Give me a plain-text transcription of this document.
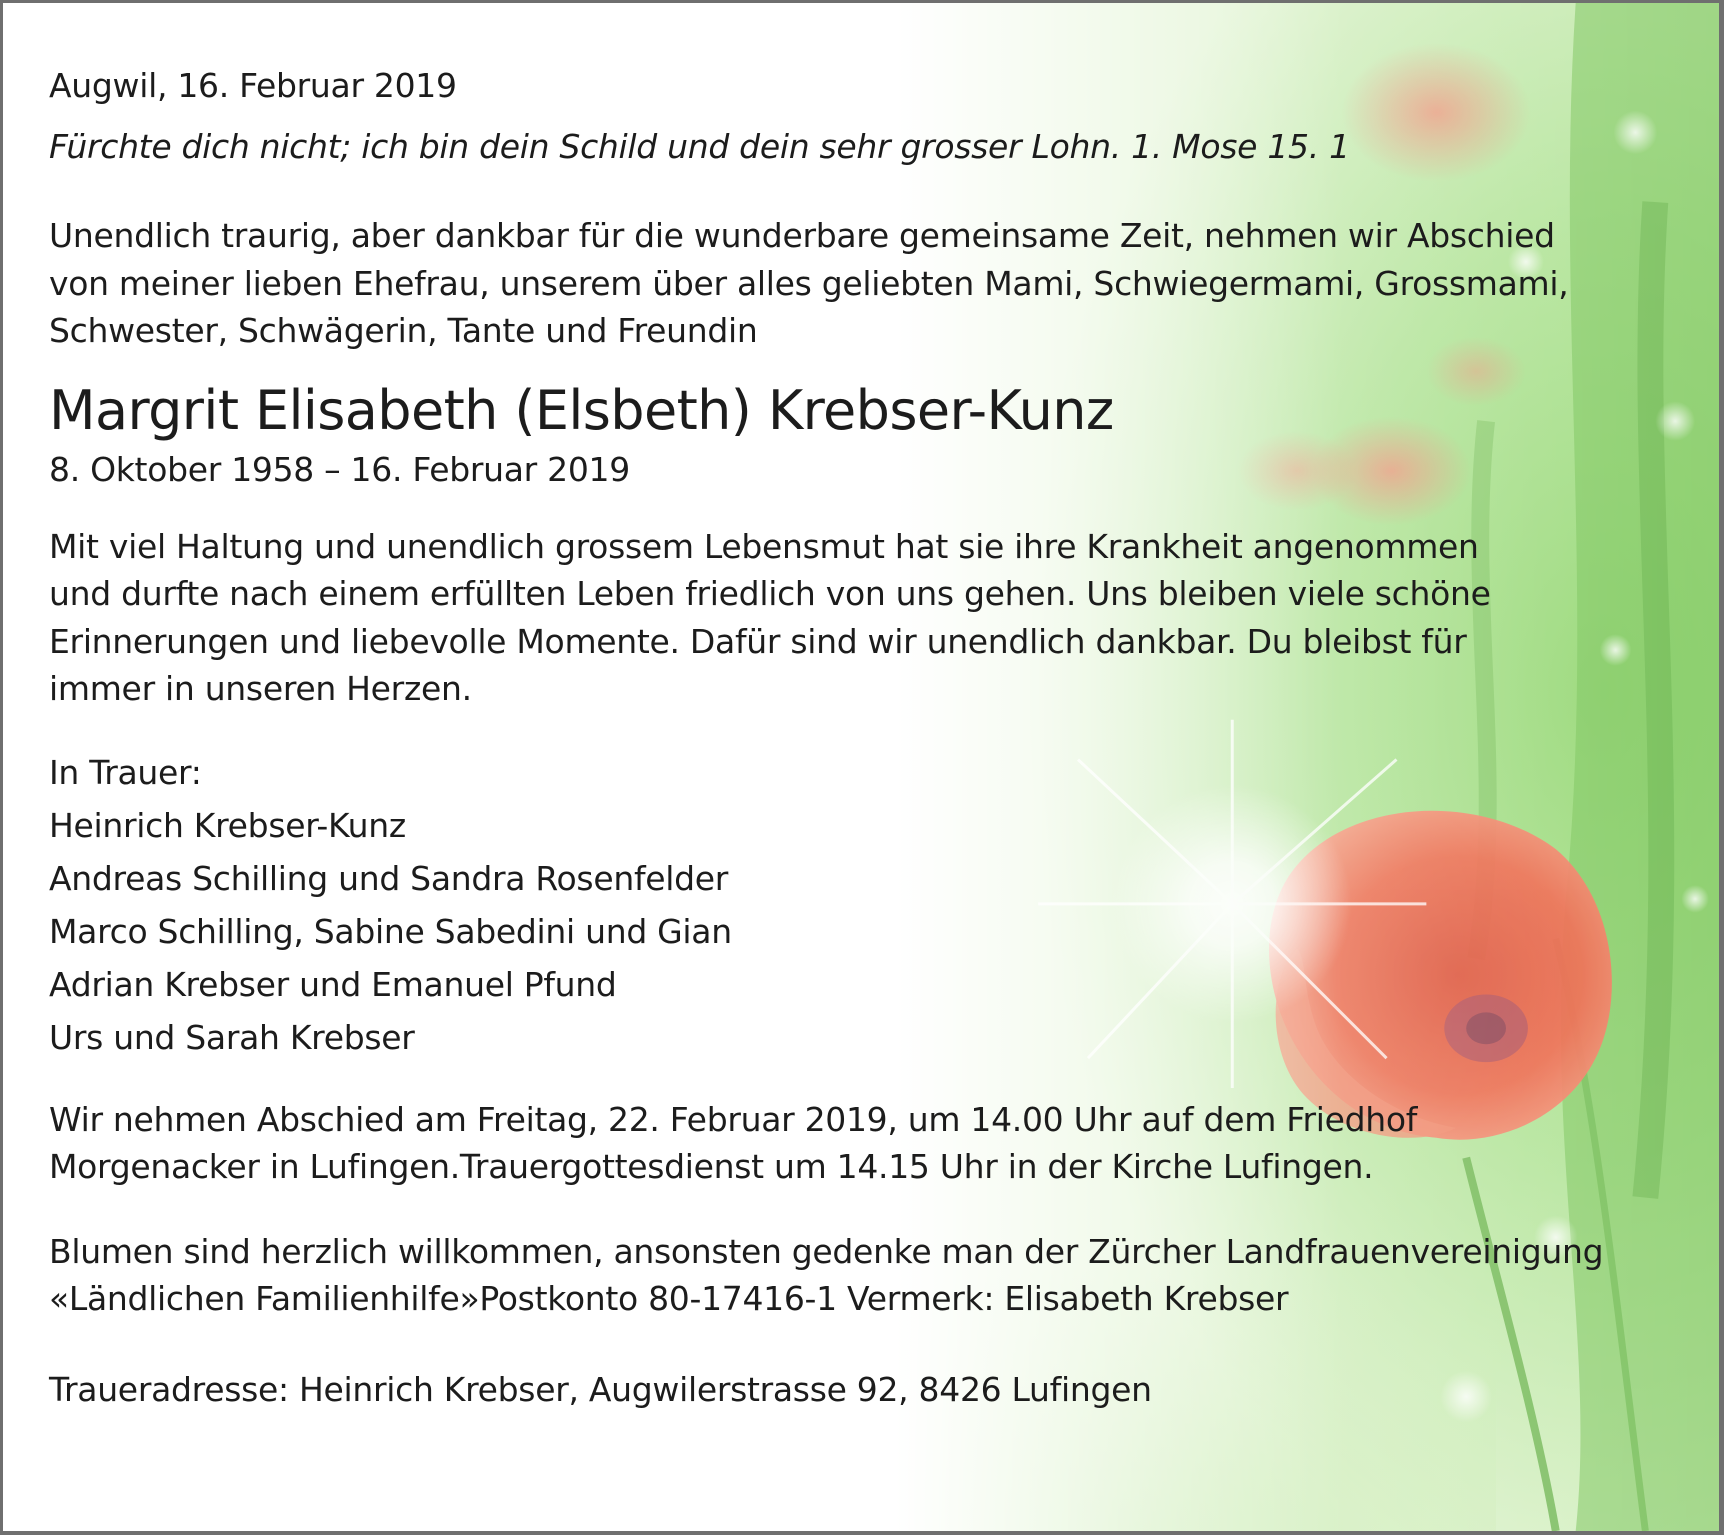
Augwil, 16. Februar 2019

Fürchte dich nicht; ich bin dein Schild und dein sehr grosser Lohn. 1. Mose 15. 1

Unendlich traurig, aber dankbar für die wunderbare gemeinsame Zeit, nehmen wir Abschied

von meiner lieben Ehefrau, unserem über alles geliebten Mami, Schwiegermami, Grossmami,

Schwester, Schwägerin, Tante und Freundin

Margrit Elisabeth (Elsbeth) Krebser-Kunz

8. Oktober 1958 – 16. Februar 2019

Mit viel Haltung und unendlich grossem Lebensmut hat sie ihre Krankheit angenommen

und durfte nach einem erfüllten Leben friedlich von uns gehen. Uns bleiben viele schöne

Erinnerungen und liebevolle Momente. Dafür sind wir unendlich dankbar. Du bleibst für

immer in unseren Herzen.

In Trauer:

Heinrich Krebser-Kunz

Andreas Schilling und Sandra Rosenfelder

Marco Schilling, Sabine Sabedini und Gian

Adrian Krebser und Emanuel Pfund

Urs und Sarah Krebser

Wir nehmen Abschied am Freitag, 22. Februar 2019, um 14.00 Uhr auf dem Friedhof

Morgenacker in Lufingen.Trauergottesdienst um 14.15 Uhr in der Kirche Lufingen.

Blumen sind herzlich willkommen, ansonsten gedenke man der Zürcher Landfrauenvereinigung

«Ländlichen Familienhilfe»Postkonto 80-17416-1 Vermerk: Elisabeth Krebser

Traueradresse: Heinrich Krebser, Augwilerstrasse 92, 8426 Lufingen
